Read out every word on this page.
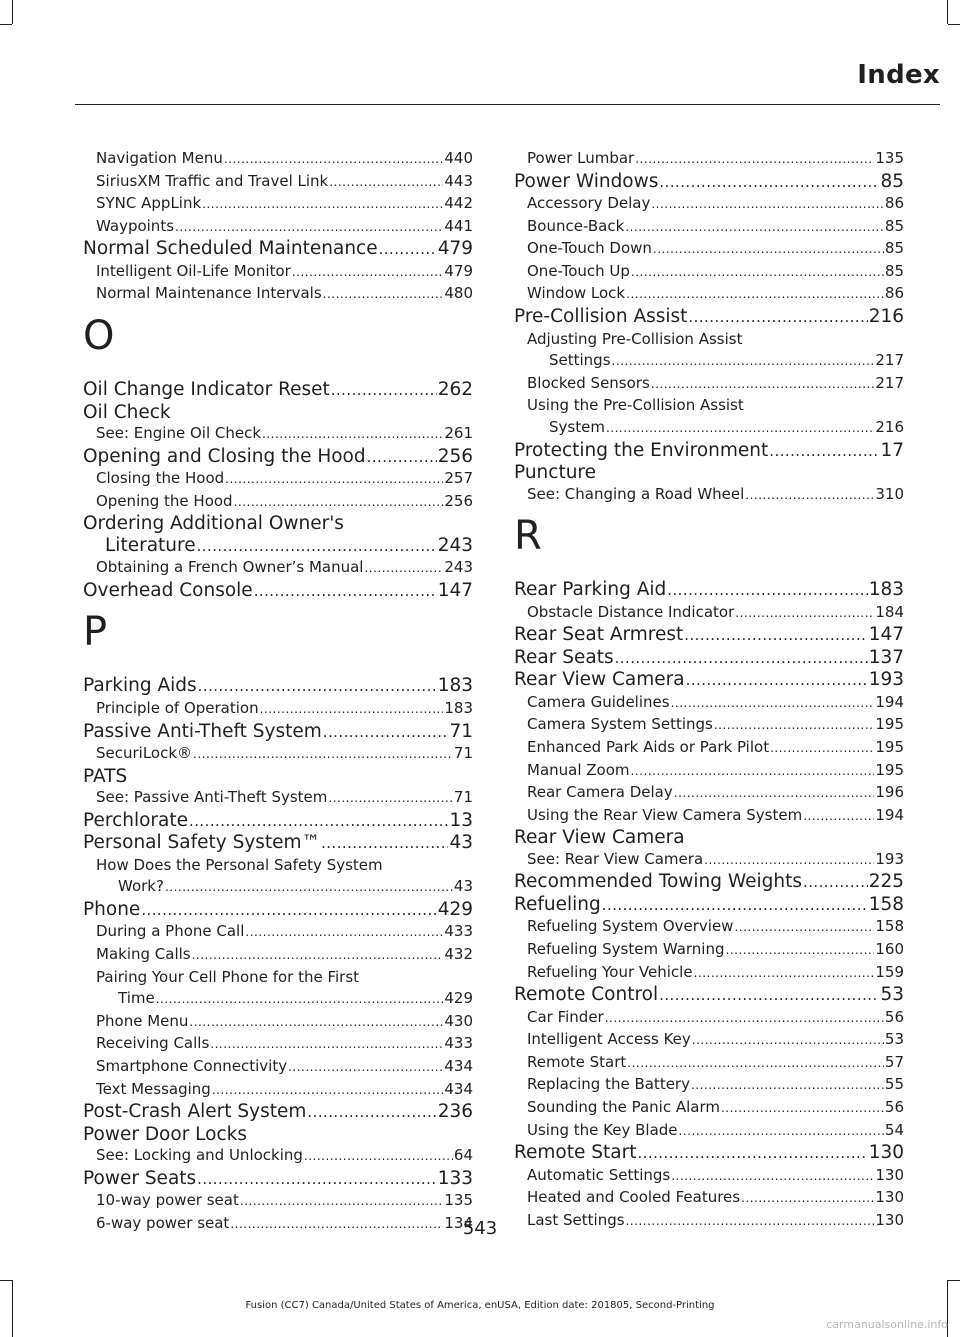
Index
Navigation Menu .....	440
SiriusXM Traffic and Travel Link .....	443
SYNC AppLink .....	442
Waypoints .....	441
Normal Scheduled Maintenance .....	479
Intelligent Oil-Life Monitor .....	479
Normal Maintenance Intervals .....	480
O
Oil Change Indicator Reset .....	262
Oil Check
See: Engine Oil Check .....	261
Opening and Closing the Hood .....	256
Closing the Hood .....	257
Opening the Hood .....	256
Ordering Additional Owner's
Literature .....	243
Obtaining a French Owner’s Manual .....	243
Overhead Console .....	147
P
Parking Aids .....	183
Principle of Operation .....	183
Passive Anti-Theft System .....	71
SecuriLock® .....	71
PATS
See: Passive Anti-Theft System .....	71
Perchlorate .....	13
Personal Safety System™ .....	43
How Does the Personal Safety System
Work? .....	43
Phone .....	429
During a Phone Call .....	433
Making Calls .....	432
Pairing Your Cell Phone for the First
Time .....	429
Phone Menu .....	430
Receiving Calls .....	433
Smartphone Connectivity .....	434
Text Messaging .....	434
Post-Crash Alert System .....	236
Power Door Locks
See: Locking and Unlocking .....	64
Power Seats .....	133
10-way power seat .....	135
6-way power seat .....	134
Power Lumbar .....	135
Power Windows .....	85
Accessory Delay .....	86
Bounce-Back .....	85
One-Touch Down .....	85
One-Touch Up .....	85
Window Lock .....	86
Pre-Collision Assist .....	216
Adjusting Pre-Collision Assist
Settings .....	217
Blocked Sensors .....	217
Using the Pre-Collision Assist
System .....	216
Protecting the Environment .....	17
Puncture
See: Changing a Road Wheel .....	310
R
Rear Parking Aid .....	183
Obstacle Distance Indicator .....	184
Rear Seat Armrest .....	147
Rear Seats .....	137
Rear View Camera .....	193
Camera Guidelines .....	194
Camera System Settings .....	195
Enhanced Park Aids or Park Pilot .....	195
Manual Zoom .....	195
Rear Camera Delay .....	196
Using the Rear View Camera System .....	194
Rear View Camera
See: Rear View Camera .....	193
Recommended Towing Weights .....	225
Refueling .....	158
Refueling System Overview .....	158
Refueling System Warning .....	160
Refueling Your Vehicle .....	159
Remote Control .....	53
Car Finder .....	56
Intelligent Access Key .....	53
Remote Start .....	57
Replacing the Battery .....	55
Sounding the Panic Alarm .....	56
Using the Key Blade .....	54
Remote Start .....	130
Automatic Settings .....	130
Heated and Cooled Features .....	130
Last Settings .....	130
543
Fusion (CC7) Canada/United States of America, enUSA, Edition date: 201805, Second-Printing
carmanualsonline.info
